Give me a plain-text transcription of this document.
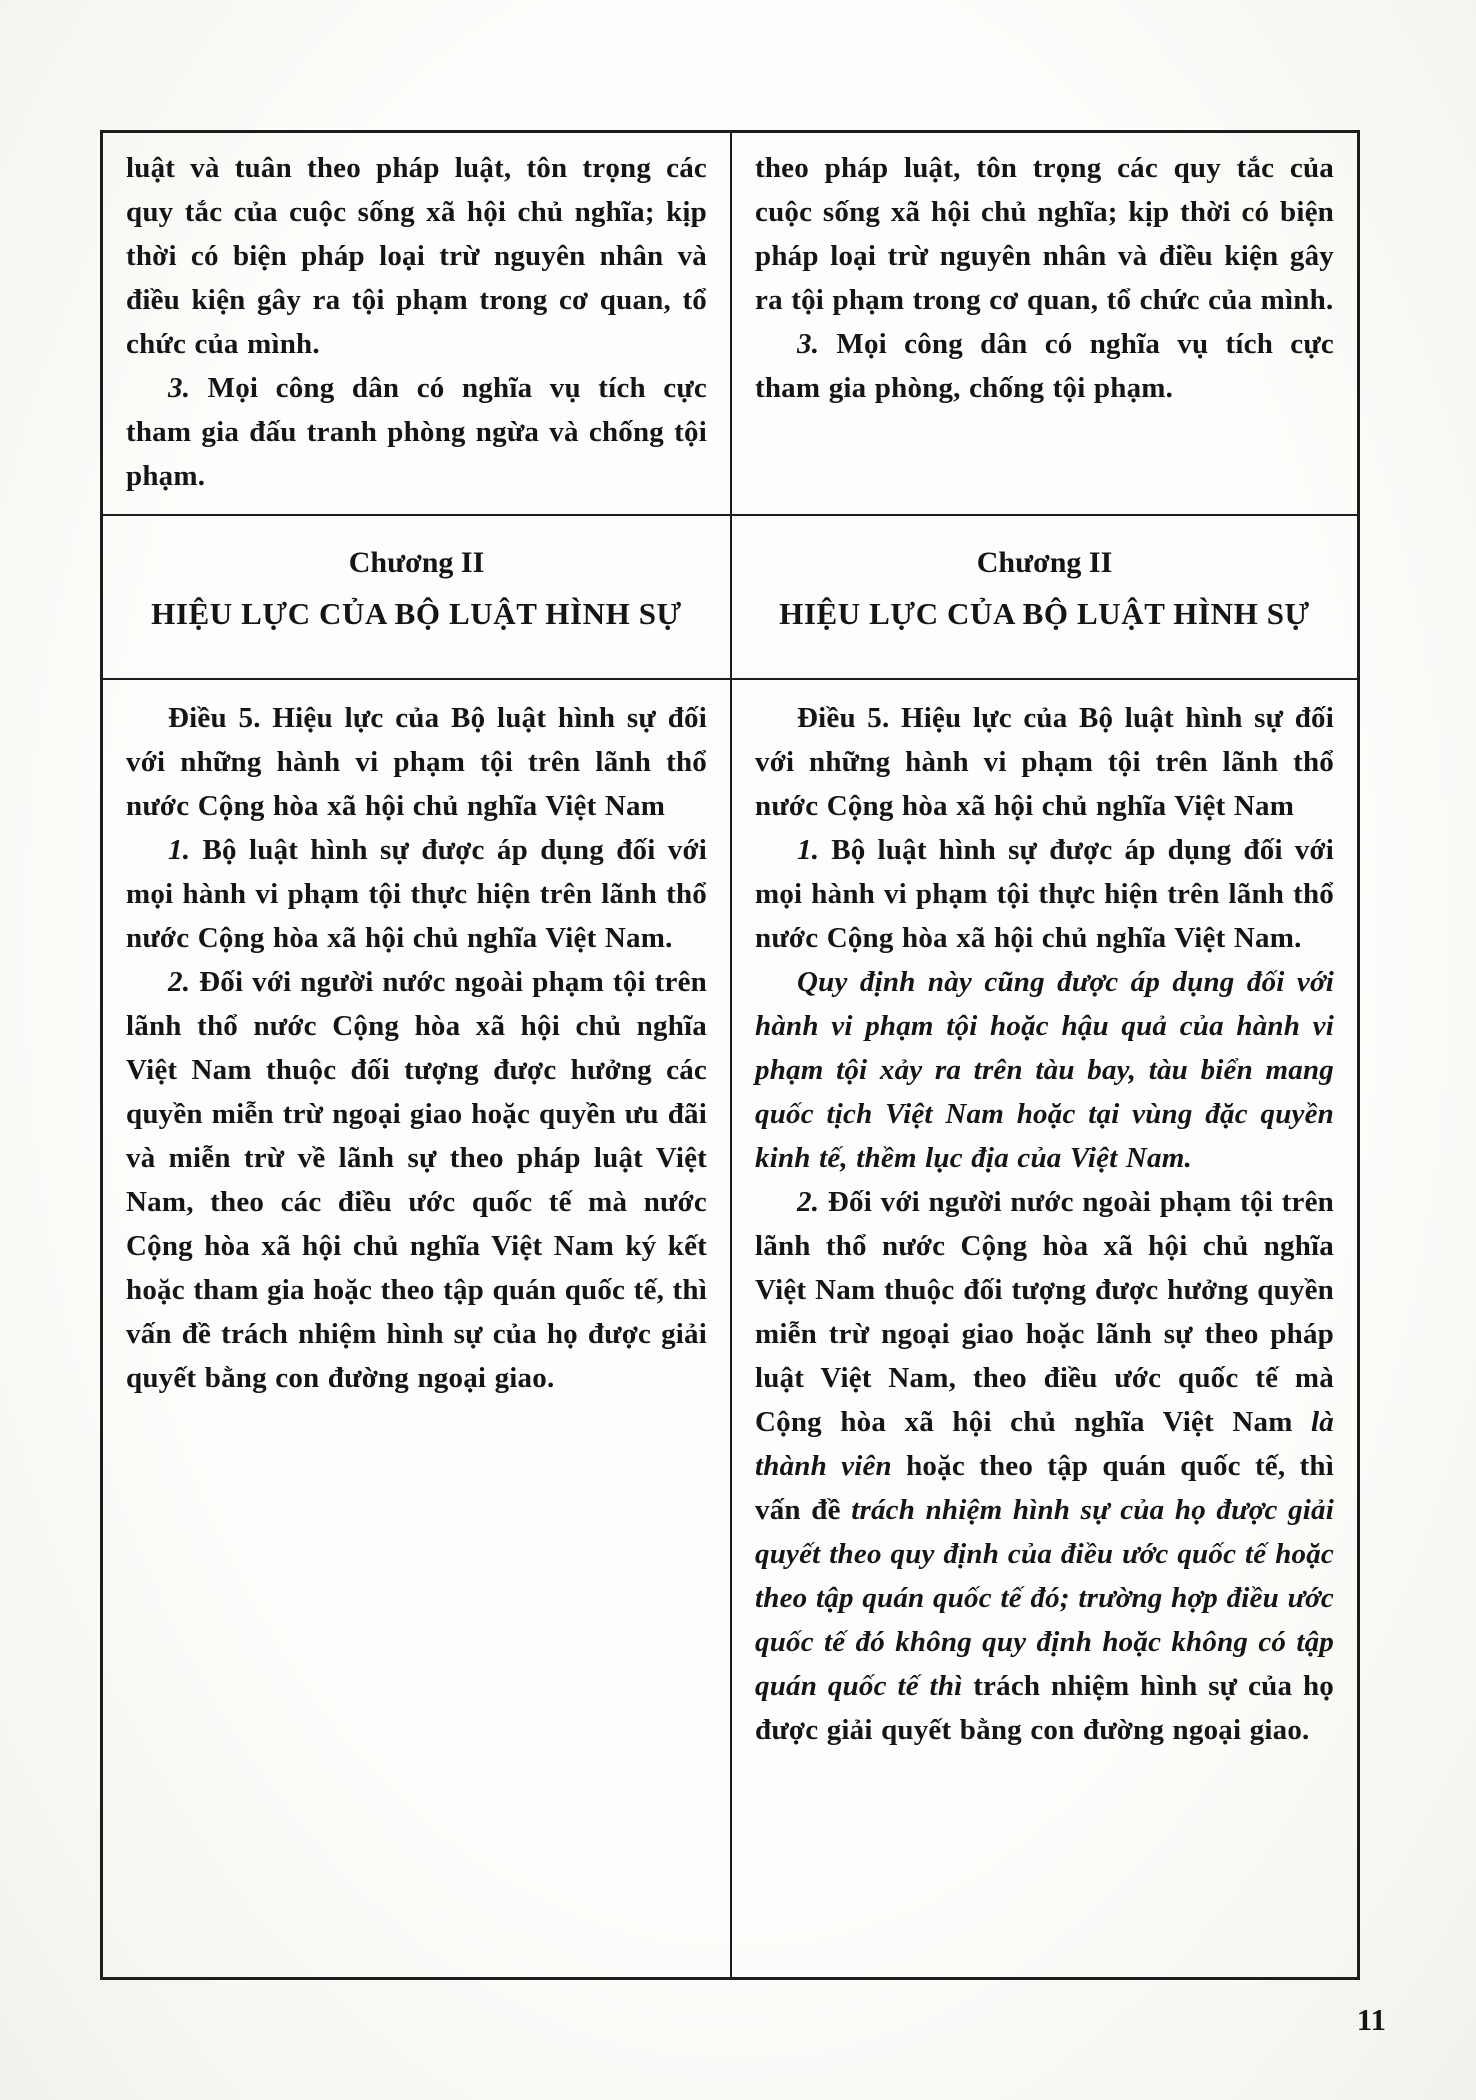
luật và tuân theo pháp luật, tôn trọng các quy tắc của cuộc sống xã hội chủ nghĩa; kịp thời có biện pháp loại trừ nguyên nhân và điều kiện gây ra tội phạm trong cơ quan, tổ chức của mình.

3. Mọi công dân có nghĩa vụ tích cực tham gia đấu tranh phòng ngừa và chống tội phạm.

theo pháp luật, tôn trọng các quy tắc của cuộc sống xã hội chủ nghĩa; kịp thời có biện pháp loại trừ nguyên nhân và điều kiện gây ra tội phạm trong cơ quan, tổ chức của mình.

3. Mọi công dân có nghĩa vụ tích cực tham gia phòng, chống tội phạm.

Chương II
HIỆU LỰC CỦA BỘ LUẬT HÌNH SỰ
Chương II
HIỆU LỰC CỦA BỘ LUẬT HÌNH SỰ

Điều 5. Hiệu lực của Bộ luật hình sự đối với những hành vi phạm tội trên lãnh thổ nước Cộng hòa xã hội chủ nghĩa Việt Nam

1. Bộ luật hình sự được áp dụng đối với mọi hành vi phạm tội thực hiện trên lãnh thổ nước Cộng hòa xã hội chủ nghĩa Việt Nam.

2. Đối với người nước ngoài phạm tội trên lãnh thổ nước Cộng hòa xã hội chủ nghĩa Việt Nam thuộc đối tượng được hưởng các quyền miễn trừ ngoại giao hoặc quyền ưu đãi và miễn trừ về lãnh sự theo pháp luật Việt Nam, theo các điều ước quốc tế mà nước Cộng hòa xã hội chủ nghĩa Việt Nam ký kết hoặc tham gia hoặc theo tập quán quốc tế, thì vấn đề trách nhiệm hình sự của họ được giải quyết bằng con đường ngoại giao.

Điều 5. Hiệu lực của Bộ luật hình sự đối với những hành vi phạm tội trên lãnh thổ nước Cộng hòa xã hội chủ nghĩa Việt Nam

1. Bộ luật hình sự được áp dụng đối với mọi hành vi phạm tội thực hiện trên lãnh thổ nước Cộng hòa xã hội chủ nghĩa Việt Nam.

Quy định này cũng được áp dụng đối với hành vi phạm tội hoặc hậu quả của hành vi phạm tội xảy ra trên tàu bay, tàu biển mang quốc tịch Việt Nam hoặc tại vùng đặc quyền kinh tế, thềm lục địa của Việt Nam.

2. Đối với người nước ngoài phạm tội trên lãnh thổ nước Cộng hòa xã hội chủ nghĩa Việt Nam thuộc đối tượng được hưởng quyền miễn trừ ngoại giao hoặc lãnh sự theo pháp luật Việt Nam, theo điều ước quốc tế mà Cộng hòa xã hội chủ nghĩa Việt Nam là thành viên hoặc theo tập quán quốc tế, thì vấn đề trách nhiệm hình sự của họ được giải quyết theo quy định của điều ước quốc tế hoặc theo tập quán quốc tế đó; trường hợp điều ước quốc tế đó không quy định hoặc không có tập quán quốc tế thì trách nhiệm hình sự của họ được giải quyết bằng con đường ngoại giao.

11
